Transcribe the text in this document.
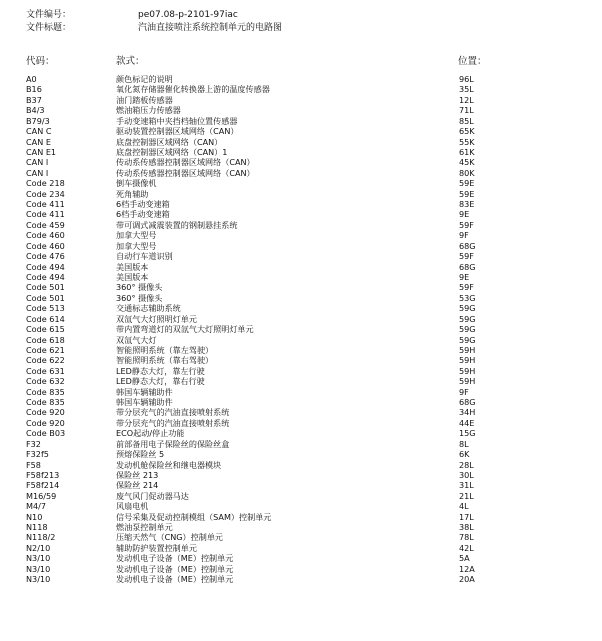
文件编号：	pe07.08-p-2101-97iac
文件标题：	汽油直接喷注系统控制单元的电路图
代码：	款式：	位置：
A0	颜色标记的说明	96L
B16	氧化氮存储器催化转换器上游的温度传感器	35L
B37	油门踏板传感器	12L
B4/3	燃油箱压力传感器	71L
B79/3	手动变速箱中夹挡档轴位置传感器	85L
CAN C	驱动装置控制器区域网络（CAN）	65K
CAN E	底盘控制器区域网络（CAN）	55K
CAN E1	底盘控制器区域网络（CAN）1	61K
CAN I	传动系传感器控制器区域网络（CAN）	45K
CAN I	传动系传感器控制器区域网络（CAN）	80K
Code 218	倒车摄像机	59E
Code 234	死角辅助	59E
Code 411	6档手动变速箱	83E
Code 411	6档手动变速箱	9E
Code 459	带可调式减震装置的钢制悬挂系统	59F
Code 460	加拿大型号	9F
Code 460	加拿大型号	68G
Code 476	自动行车道识别	59F
Code 494	美国版本	68G
Code 494	美国版本	9E
Code 501	360° 摄像头	59F
Code 501	360° 摄像头	53G
Code 513	交通标志辅助系统	59G
Code 614	双氙气大灯照明灯单元	59G
Code 615	带内置弯道灯的双氙气大灯照明灯单元	59G
Code 618	双氙气大灯	59G
Code 621	智能照明系统（靠左驾驶）	59H
Code 622	智能照明系统（靠右驾驶）	59H
Code 631	LED静态大灯，靠左行驶	59H
Code 632	LED静态大灯，靠右行驶	59H
Code 835	韩国车辆辅助件	9F
Code 835	韩国车辆辅助件	68G
Code 920	带分层充气的汽油直接喷射系统	34H
Code 920	带分层充气的汽油直接喷射系统	44E
Code B03	ECO起动/停止功能	15G
F32	前部备用电子保险丝的保险丝盒	8L
F32f5	预熔保险丝 5	6K
F58	发动机舱保险丝和继电器模块	28L
F58f213	保险丝 213	30L
F58f214	保险丝 214	31L
M16/59	废气风门促动器马达	21L
M4/7	风扇电机	4L
N10	信号采集及促动控制模组（SAM）控制单元	17L
N118	燃油泵控制单元	38L
N118/2	压缩天然气（CNG）控制单元	78L
N2/10	辅助防护装置控制单元	42L
N3/10	发动机电子设备（ME）控制单元	5A
N3/10	发动机电子设备（ME）控制单元	12A
N3/10	发动机电子设备（ME）控制单元	20A
